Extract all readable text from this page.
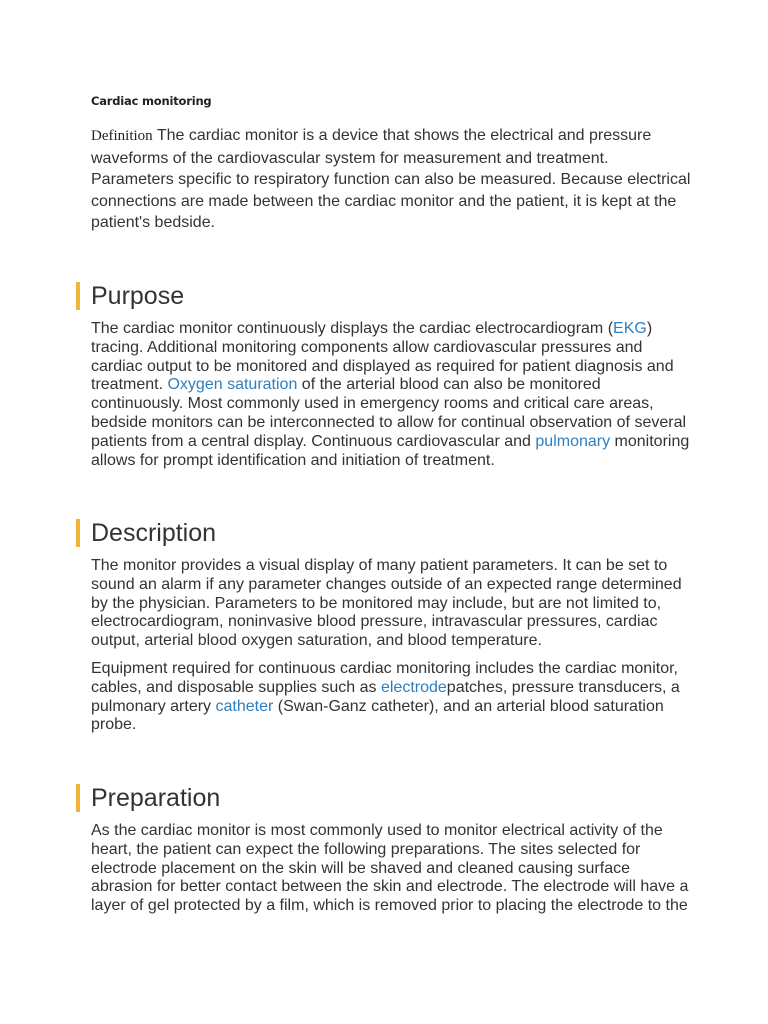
Cardiac monitoring
Definition The cardiac monitor is a device that shows the electrical and pressure waveforms of the cardiovascular system for measurement and treatment. Parameters specific to respiratory function can also be measured. Because electrical connections are made between the cardiac monitor and the patient, it is kept at the patient's bedside.
Purpose

The cardiac monitor continuously displays the cardiac electrocardiogram (EKG) tracing. Additional monitoring components allow cardiovascular pressures and cardiac output to be monitored and displayed as required for patient diagnosis and treatment. Oxygen saturation of the arterial blood can also be monitored continuously. Most commonly used in emergency rooms and critical care areas, bedside monitors can be interconnected to allow for continual observation of several patients from a central display. Continuous cardiovascular and pulmonary monitoring allows for prompt identification and initiation of treatment.

Description

The monitor provides a visual display of many patient parameters. It can be set to sound an alarm if any parameter changes outside of an expected range determined by the physician. Parameters to be monitored may include, but are not limited to, electrocardiogram, noninvasive blood pressure, intravascular pressures, cardiac output, arterial blood oxygen saturation, and blood temperature.

Equipment required for continuous cardiac monitoring includes the cardiac monitor, cables, and disposable supplies such as electrodepatches, pressure transducers, a pulmonary artery catheter (Swan-Ganz catheter), and an arterial blood saturation probe.

Preparation

As the cardiac monitor is most commonly used to monitor electrical activity of the heart, the patient can expect the following preparations. The sites selected for electrode placement on the skin will be shaved and cleaned causing surface abrasion for better contact between the skin and electrode. The electrode will have a layer of gel protected by a film, which is removed prior to placing the electrode to the
